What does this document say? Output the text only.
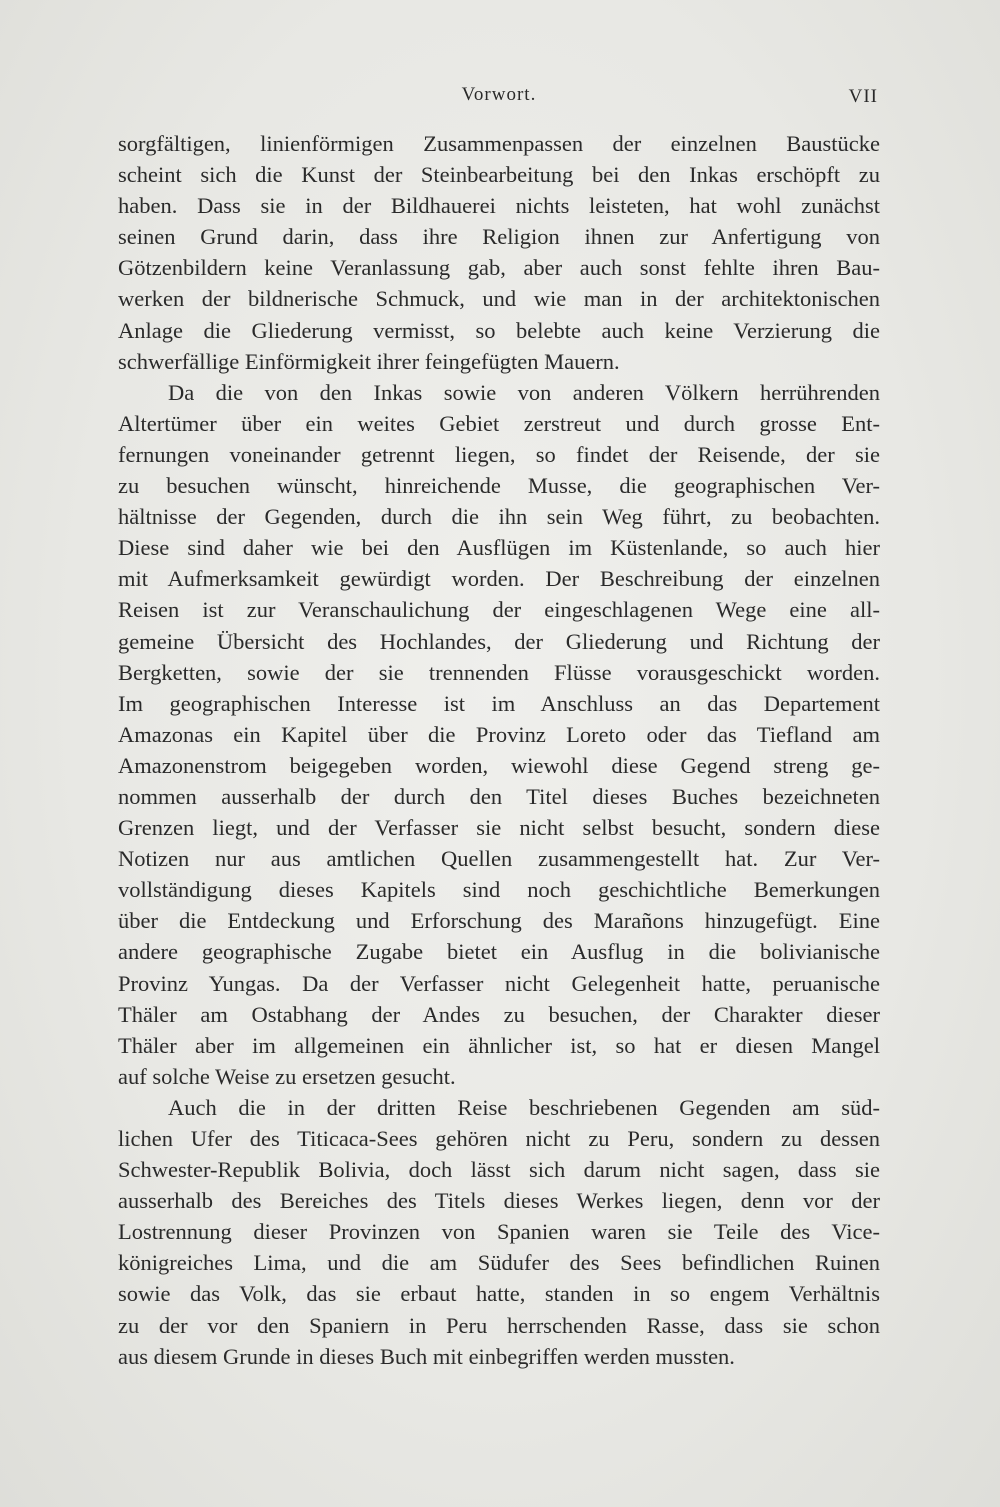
Vorwort.	VII
sorgfältigen, linienförmigen Zusammenpassen der einzelnen Baustücke
scheint sich die Kunst der Steinbearbeitung bei den Inkas erschöpft zu
haben. Dass sie in der Bildhauerei nichts leisteten, hat wohl zunächst
seinen Grund darin, dass ihre Religion ihnen zur Anfertigung von
Götzenbildern keine Veranlassung gab, aber auch sonst fehlte ihren Bau-
werken der bildnerische Schmuck, und wie man in der architektonischen
Anlage die Gliederung vermisst, so belebte auch keine Verzierung die
schwerfällige Einförmigkeit ihrer feingefügten Mauern.
Da die von den Inkas sowie von anderen Völkern herrührenden
Altertümer über ein weites Gebiet zerstreut und durch grosse Ent-
fernungen voneinander getrennt liegen, so findet der Reisende, der sie
zu besuchen wünscht, hinreichende Musse, die geographischen Ver-
hältnisse der Gegenden, durch die ihn sein Weg führt, zu beobachten.
Diese sind daher wie bei den Ausflügen im Küstenlande, so auch hier
mit Aufmerksamkeit gewürdigt worden. Der Beschreibung der einzelnen
Reisen ist zur Veranschaulichung der eingeschlagenen Wege eine all-
gemeine Übersicht des Hochlandes, der Gliederung und Richtung der
Bergketten, sowie der sie trennenden Flüsse vorausgeschickt worden.
Im geographischen Interesse ist im Anschluss an das Departement
Amazonas ein Kapitel über die Provinz Loreto oder das Tiefland am
Amazonenstrom beigegeben worden, wiewohl diese Gegend streng ge-
nommen ausserhalb der durch den Titel dieses Buches bezeichneten
Grenzen liegt, und der Verfasser sie nicht selbst besucht, sondern diese
Notizen nur aus amtlichen Quellen zusammengestellt hat. Zur Ver-
vollständigung dieses Kapitels sind noch geschichtliche Bemerkungen
über die Entdeckung und Erforschung des Marañons hinzugefügt. Eine
andere geographische Zugabe bietet ein Ausflug in die bolivianische
Provinz Yungas. Da der Verfasser nicht Gelegenheit hatte, peruanische
Thäler am Ostabhang der Andes zu besuchen, der Charakter dieser
Thäler aber im allgemeinen ein ähnlicher ist, so hat er diesen Mangel
auf solche Weise zu ersetzen gesucht.
Auch die in der dritten Reise beschriebenen Gegenden am süd-
lichen Ufer des Titicaca-Sees gehören nicht zu Peru, sondern zu dessen
Schwester-Republik Bolivia, doch lässt sich darum nicht sagen, dass sie
ausserhalb des Bereiches des Titels dieses Werkes liegen, denn vor der
Lostrennung dieser Provinzen von Spanien waren sie Teile des Vice-
königreiches Lima, und die am Südufer des Sees befindlichen Ruinen
sowie das Volk, das sie erbaut hatte, standen in so engem Verhältnis
zu der vor den Spaniern in Peru herrschenden Rasse, dass sie schon
aus diesem Grunde in dieses Buch mit einbegriffen werden mussten.
